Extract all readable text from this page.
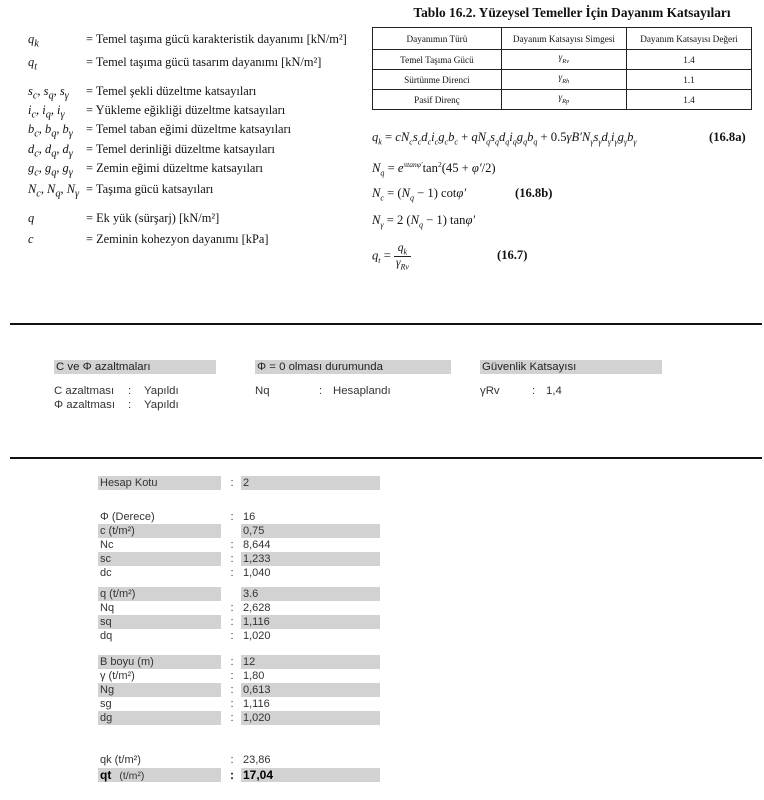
$q_k$	= Temel taşıma gücü karakteristik dayanımı [kN/m²]
$q_t$	= Temel taşıma gücü tasarım dayanımı [kN/m²]
$s_c$, $s_q$, $s_\gamma$	= Temel şekli düzeltme katsayıları
$i_c$, $i_q$, $i_\gamma$	= Yükleme eğikliği düzeltme katsayıları
$b_c$, $b_q$, $b_\gamma$	= Temel taban eğimi düzeltme katsayıları
$d_c$, $d_q$, $d_\gamma$	= Temel derinliği düzeltme katsayıları
$g_c$, $g_q$, $g_\gamma$	= Zemin eğimi düzeltme katsayıları
$N_c$, $N_q$, $N_\gamma$ = Taşıma gücü katsayıları
q	= Ek yük (sürşarj) [kN/m²]
c	= Zeminin kohezyon dayanımı [kPa]
Tablo 16.2. Yüzeysel Temeller İçin Dayanım Katsayıları
Dayanımın Türü	Dayanım Katsayısı Simgesi	Dayanım Katsayısı Değeri
Temel Taşıma Gücü	$\gamma_{Rv}$	1.4
Sürtünme Direnci	$\gamma_{Rh}$	1.1
Pasif Direnç	$\gamma_{Rp}$	1.4
$q_k = cN_cs_cd_ci_cg_cb_c + qN_qs_qd_qi_qg_qb_q + 0.5\gamma B'N_\gamma s_\gamma d_\gamma i_\gamma g_\gamma b_\gamma$	(16.8a)
$N_q = e^{\pi tan\varphi'}\tan^2(45 + \varphi'/2)$
$N_c = (N_q - 1)$ cotφ′	(16.8b)
$N_\gamma = 2$ $(N_q - 1)$ tanφ′
$q_t = \frac{q_k}{\gamma_{Rv}}$	(16.7)
C ve Φ azaltmaları	Φ = 0 olması durumunda	Güvenlik Katsayısı
C azaltması : Yapıldı
Φ azaltması : Yapıldı
Nq	: Hesaplandı	γRv	: 1,4
Hesap Kotu	: 2
Φ (Derece)	: 16
c (t/m²)	0,75
Nc	: 8,644
sc	: 1,233
dc	: 1,040
q (t/m²)	3.6
Nq	: 2,628
sq	: 1,116
dq	: 1,020
B boyu (m)	: 12
γ (t/m²)	: 1,80
Ng	: 0,613
sg	: 1,116
dg	: 1,020
qk (t/m²)	: 23,86
qt (t/m²)	: 17,04
